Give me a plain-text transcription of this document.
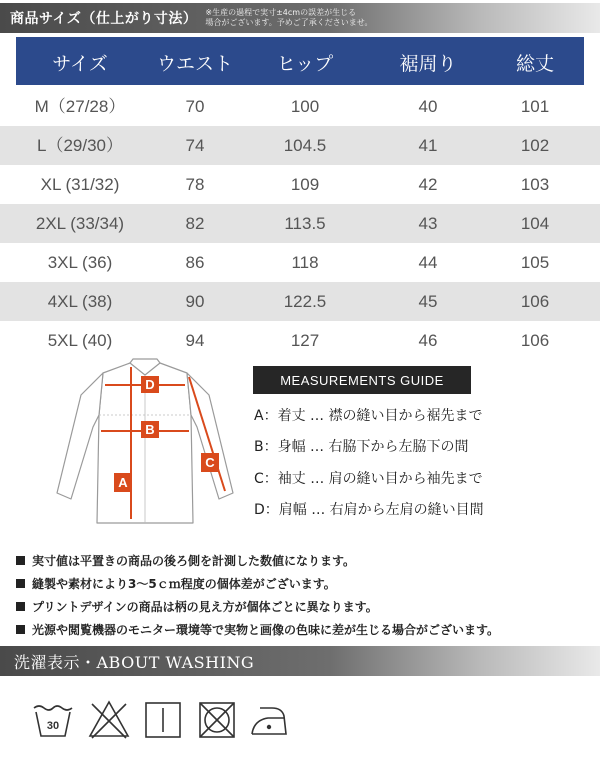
商品サイズ（仕上がり寸法） ※生産の過程で実寸±4cmの誤差が生じる
場合がございます。予めご了承くださいませ。
サイズ	ウエスト	ヒップ	裾周り	総丈
M（27/28）	70	100	40	101
L（29/30）	74	104.5	41	102
XL (31/32)	78	109	42	103
2XL (33/34)	82	113.5	43	104
3XL (36)	86	118	44	105
4XL (38)	90	122.5	45	106
5XL (40)	94	127	46	106
D
B
A
C
MEASUREMENTS GUIDE
A：着丈 … 襟の縫い目から裾先まで
B：身幅 … 右脇下から左脇下の間
C：袖丈 … 肩の縫い目から袖先まで
D：肩幅 … 右肩から左肩の縫い目間
実寸値は平置きの商品の後ろ側を計測した数値になります。
縫製や素材により3～5ｃｍ程度の個体差がございます。
プリントデザインの商品は柄の見え方が個体ごとに異なります。
光源や閲覧機器のモニター環境等で実物と画像の色味に差が生じる場合がございます。
洗濯表示・ABOUT WASHING
30
